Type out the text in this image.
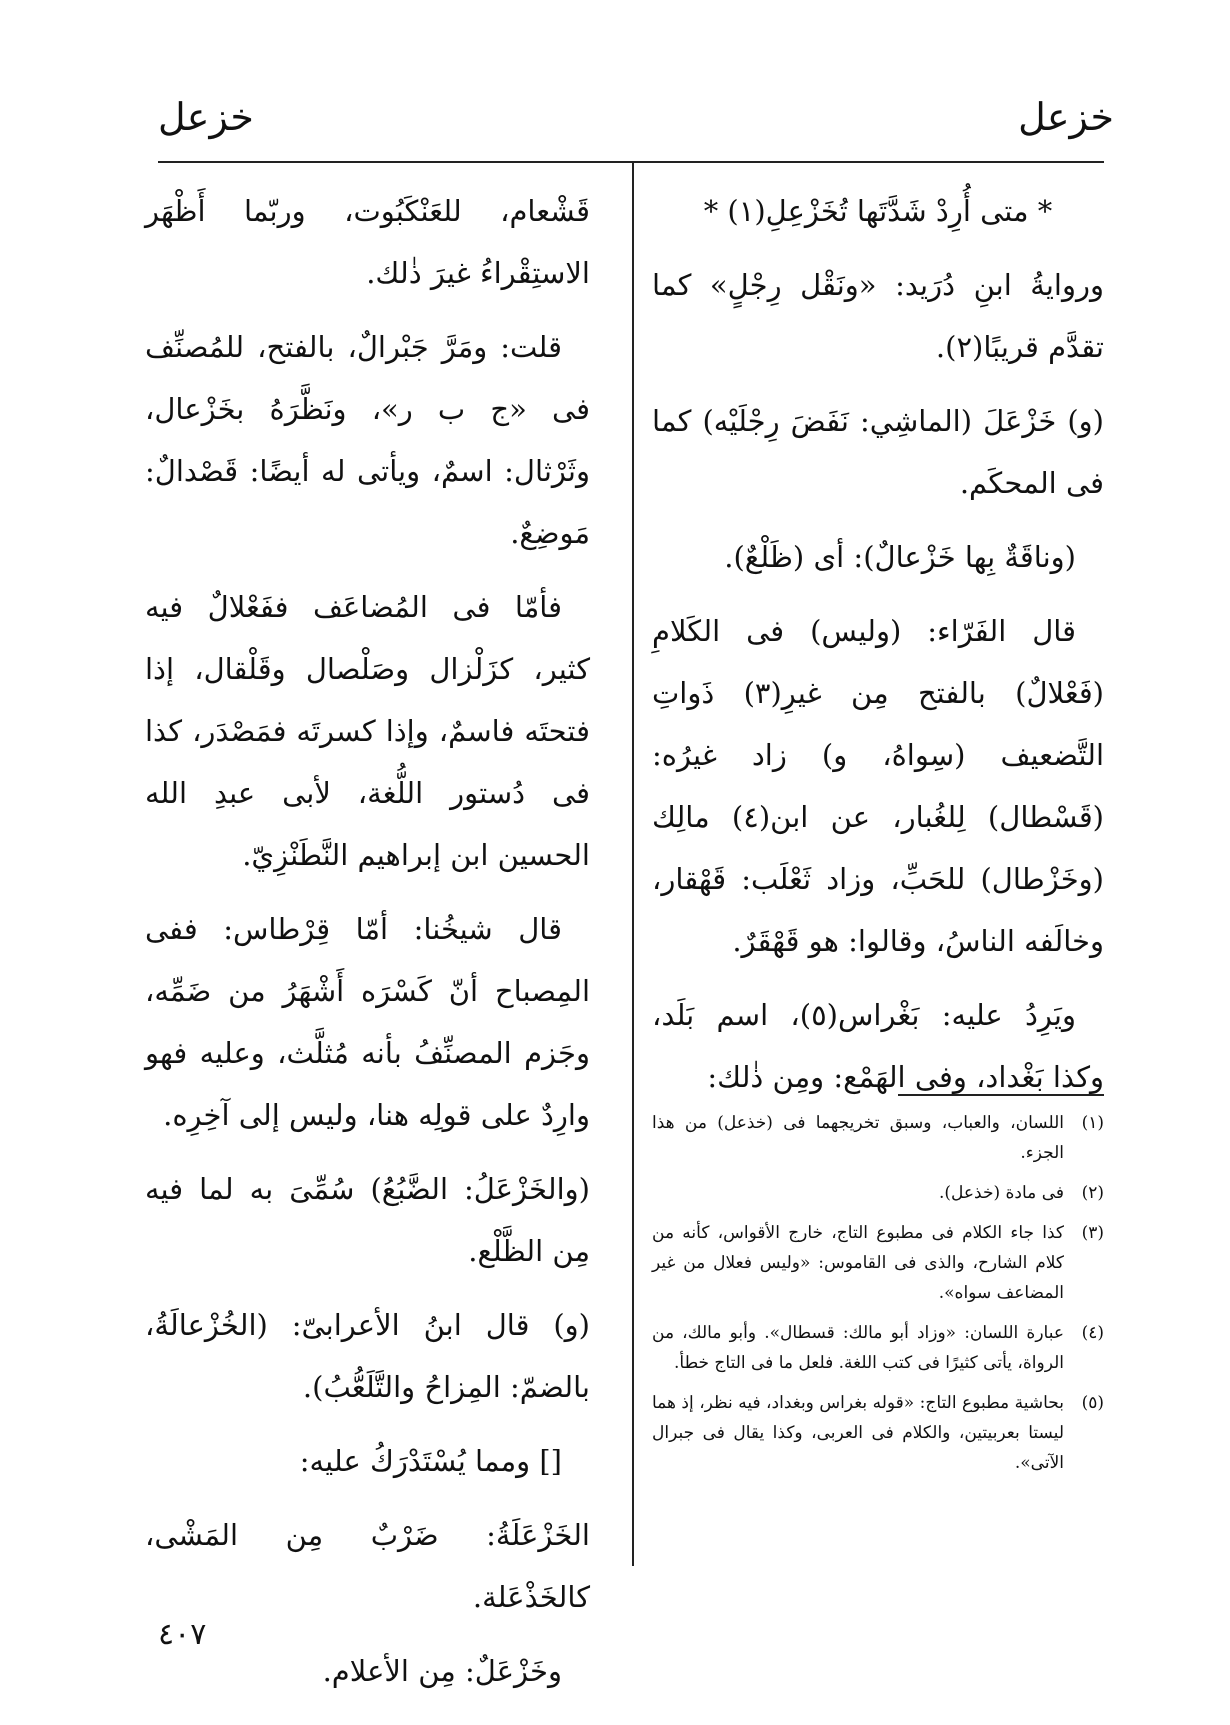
خزعل
خزعل

* متى أُرِدْ شَدَّتَها تُخَزْعِلِ(١) *

وروايةُ ابنِ دُرَيد: «ونَقْل رِجْلٍ» كما تقدَّم قريبًا(٢).

(و) خَزْعَلَ (الماشِي: نَفَضَ رِجْلَيْه) كما فى المحكَم.

(وناقَةٌ بِها خَزْعالٌ): أى (ظَلْعٌ).

قال الفَرّاء: (وليس) فى الكَلامِ (فَعْلالٌ) بالفتح مِن غيرِ(٣) ذَواتِ التَّضعيف (سِواهُ، و) زاد غيرُه: (قَسْطال) لِلغُبار، عن ابن(٤) مالِك (وخَزْطال) للحَبِّ، وزاد ثَعْلَب: قَهْقار، وخالَفه الناسُ، وقالوا: هو قَهْقَرٌ.

ويَرِدُ عليه: بَغْراس(٥)، اسم بَلَد، وكذا بَغْداد، وفى الهَمْع: ومِن ذٰلك:

(١)
اللسان، والعباب، وسبق تخريجهما فى (خذعل) من هذا الجزء.
(٢)
فى مادة (خذعل).
(٣)
كذا جاء الكلام فى مطبوع التاج، خارج الأقواس، كأنه من كلام الشارح، والذى فى القاموس: «وليس فعلال من غير المضاعف سواه».
(٤)
عبارة اللسان: «وزاد أبو مالك: قسطال». وأبو مالك، من الرواة، يأتى كثيرًا فى كتب اللغة. فلعل ما فى التاج خطأ.
(٥)
بحاشية مطبوع التاج: «قوله بغراس وبغداد، فيه نظر، إذ هما ليستا بعربيتين، والكلام فى العربى، وكذا يقال فى جبرال الآتى».

قَشْعام، للعَنْكَبُوت، وربّما أَظْهَر الاستِقْراءُ غيرَ ذٰلك.

قلت: ومَرَّ جَبْرالٌ، بالفتح، للمُصنِّف فى «ج ب ر»، ونَظَّرَهُ بخَزْعال، وثَرْثال: اسمٌ، ويأتى له أيضًا: قَصْدالٌ: مَوضِعٌ.

فأمّا فى المُضاعَف ففَعْلالٌ فيه كثير، كزَلْزال وصَلْصال وقَلْقال، إذا فتحتَه فاسمٌ، وإذا كسرتَه فمَصْدَر، كذا فى دُستور اللُّغة، لأبى عبدِ الله الحسين ابن إبراهيم النَّطَنْزِيّ.

قال شيخُنا: أمّا قِرْطاس: ففى المِصباح أنّ كَسْرَه أَشْهَرُ من ضَمِّه، وجَزم المصنِّفُ بأنه مُثلَّث، وعليه فهو وارِدٌ على قولِه هنا، وليس إلى آخِرِه.

(والخَزْعَلُ: الضَّبُعُ) سُمِّىَ به لما فيه مِن الظَّلْع.

(و) قال ابنُ الأعرابىّ: (الخُزْعالَةُ، بالضمّ: المِزاحُ والتَّلَعُّبُ).

[] ومما يُسْتَدْرَكُ عليه:

الخَزْعَلَةُ: ضَرْبٌ مِن المَشْى، كالخَذْعَلة.

وخَزْعَلٌ: مِن الأعلام.

٤٠٧
